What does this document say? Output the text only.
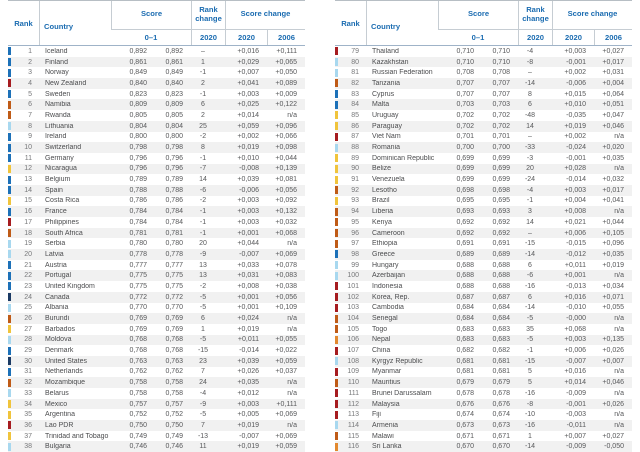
Rank	Country
Score	Rank change
Score change
0–1	2020	2020	2006
1	Iceland	0,892	0,892	–	+0,016	+0,111
2	Finland	0,861	0,861	1	+0,029	+0,065
3	Norway	0,849	0,849	-1	+0,007	+0,050
4	New Zealand	0,840	0,840	2	+0,041	+0,089
5	Sweden	0,823	0,823	-1	+0,003	+0,009
6	Namibia	0,809	0,809	6	+0,025	+0,122
7	Rwanda	0,805	0,805	2	+0,014	n/a
8	Lithuania	0,804	0,804	25	+0,059	+0,096
9	Ireland	0,800	0,800	-2	+0,002	+0,066
10	Switzerland	0,798	0,798	8	+0,019	+0,098
11	Germany	0,796	0,796	-1	+0,010	+0,044
12	Nicaragua	0,796	0,796	-7	-0,008	+0,139
13	Belgium	0,789	0,789	14	+0,039	+0,081
14	Spain	0,788	0,788	-6	-0,006	+0,056
15	Costa Rica	0,786	0,786	-2	+0,003	+0,092
16	France	0,784	0,784	-1	+0,003	+0,132
17	Philippines	0,784	0,784	-1	+0,003	+0,032
18	South Africa	0,781	0,781	-1	+0,001	+0,068
19	Serbia	0,780	0,780	20	+0,044	n/a
20	Latvia	0,778	0,778	-9	-0,007	+0,069
21	Austria	0,777	0,777	13	+0,033	+0,078
22	Portugal	0,775	0,775	13	+0,031	+0,083
23	United Kingdom	0,775	0,775	-2	+0,008	+0,038
24	Canada	0,772	0,772	-5	+0,001	+0,056
25	Albania	0,770	0,770	-5	+0,001	+0,109
26	Burundi	0,769	0,769	6	+0,024	n/a
27	Barbados	0,769	0,769	1	+0,019	n/a
28	Moldova	0,768	0,768	-5	+0,011	+0,055
29	Denmark	0,768	0,768	-15	-0,014	+0,022
30	United States	0,763	0,763	23	+0,039	+0,059
31	Netherlands	0,762	0,762	7	+0,026	+0,037
32	Mozambique	0,758	0,758	24	+0,035	n/a
33	Belarus	0,758	0,758	-4	+0,012	n/a
34	Mexico	0,757	0,757	-9	+0,003	+0,111
35	Argentina	0,752	0,752	-5	+0,005	+0,069
36	Lao PDR	0,750	0,750	7	+0,019	n/a
37	Trinidad and Tobago	0,749	0,749	-13	-0,007	+0,069
38	Bulgaria	0,746	0,746	11	+0,019	+0,059
Rank	Country
Score	Rank change
Score change
0–1	2020	2020	2006
79	Thailand	0,710	0,710	-4	+0,003	+0,027
80	Kazakhstan	0,710	0,710	-8	-0,001	+0,017
81	Russian Federation	0,708	0,708	–	+0,002	+0,031
82	Tanzania	0,707	0,707	-14	-0,006	+0,004
83	Cyprus	0,707	0,707	8	+0,015	+0,064
84	Malta	0,703	0,703	6	+0,010	+0,051
85	Uruguay	0,702	0,702	-48	-0,035	+0,047
86	Paraguay	0,702	0,702	14	+0,019	+0,046
87	Viet Nam	0,701	0,701	–	+0,002	n/a
88	Romania	0,700	0,700	-33	-0,024	+0,020
89	Dominican Republic	0,699	0,699	-3	-0,001	+0,035
90	Belize	0,699	0,699	20	+0,028	n/a
91	Venezuela	0,699	0,699	-24	-0,014	+0,032
92	Lesotho	0,698	0,698	-4	+0,003	+0,017
93	Brazil	0,695	0,695	-1	+0,004	+0,041
94	Liberia	0,693	0,693	3	+0,008	n/a
95	Kenya	0,692	0,692	14	+0,021	+0,044
96	Cameroon	0,692	0,692	–	+0,006	+0,105
97	Ethiopia	0,691	0,691	-15	-0,015	+0,096
98	Greece	0,689	0,689	-14	-0,012	+0,035
99	Hungary	0,688	0,688	6	+0,011	+0,019
100	Azerbaijan	0,688	0,688	-6	+0,001	n/a
101	Indonesia	0,688	0,688	-16	-0,013	+0,034
102	Korea, Rep.	0,687	0,687	6	+0,016	+0,071
103	Cambodia	0,684	0,684	-14	-0,010	+0,055
104	Senegal	0,684	0,684	-5	-0,000	n/a
105	Togo	0,683	0,683	35	+0,068	n/a
106	Nepal	0,683	0,683	-5	+0,003	+0,135
107	China	0,682	0,682	-1	+0,006	+0,026
108	Kyrgyz Republic	0,681	0,681	-15	-0,007	+0,007
109	Myanmar	0,681	0,681	5	+0,016	n/a
110	Mauritius	0,679	0,679	5	+0,014	+0,046
111	Brunei Darussalam	0,678	0,678	-16	-0,009	n/a
112	Malaysia	0,676	0,676	-8	-0,001	+0,026
113	Fiji	0,674	0,674	-10	-0,003	n/a
114	Armenia	0,673	0,673	-16	-0,011	n/a
115	Malawi	0,671	0,671	1	+0,007	+0,027
116	Sri Lanka	0,670	0,670	-14	-0,009	-0,050
